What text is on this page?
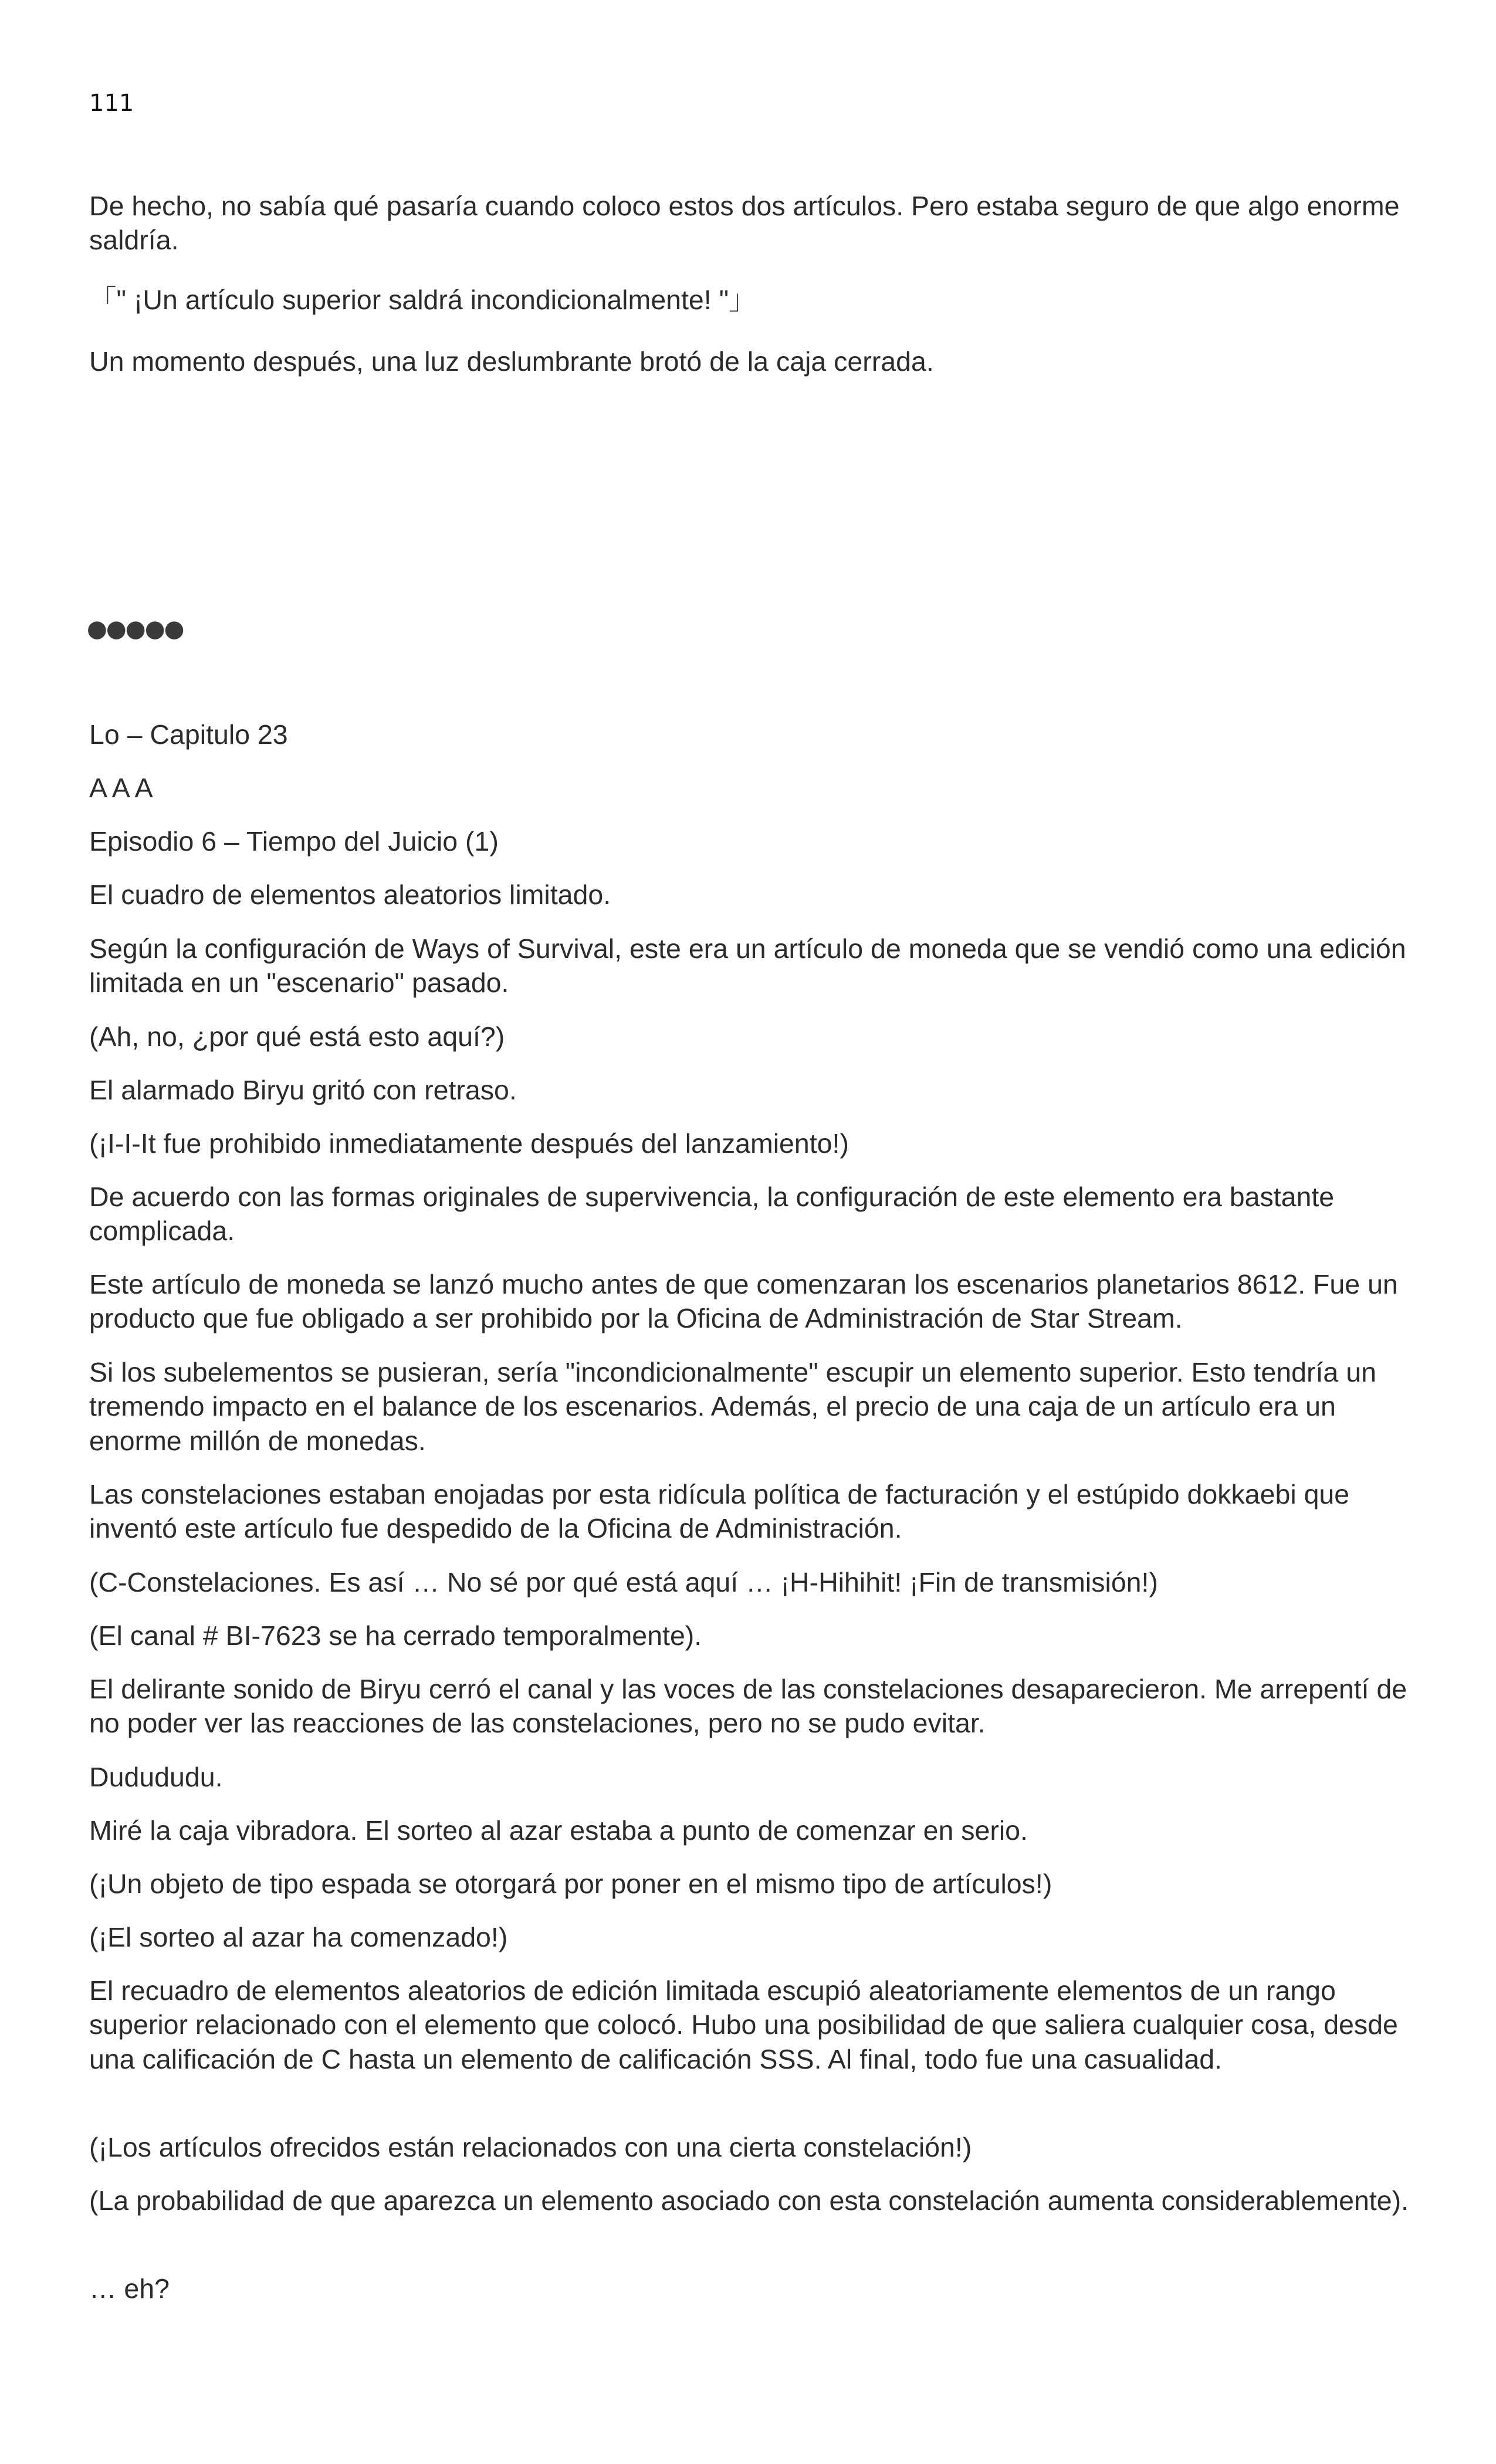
111

De hecho, no sabía qué pasaría cuando coloco estos dos artículos. Pero estaba seguro de que algo enorme saldría.

「" ¡Un artículo superior saldrá incondicionalmente! "」

Un momento después, una luz deslumbrante brotó de la caja cerrada.

●●●●●

Lo – Capitulo 23

A A A

Episodio 6 – Tiempo del Juicio (1)

El cuadro de elementos aleatorios limitado.

Según la configuración de Ways of Survival, este era un artículo de moneda que se vendió como una edición limitada en un "escenario" pasado.

(Ah, no, ¿por qué está esto aquí?)

El alarmado Biryu gritó con retraso.

(¡I-I-It fue prohibido inmediatamente después del lanzamiento!)

De acuerdo con las formas originales de supervivencia, la configuración de este elemento era bastante complicada.

Este artículo de moneda se lanzó mucho antes de que comenzaran los escenarios planetarios 8612. Fue un producto que fue obligado a ser prohibido por la Oficina de Administración de Star Stream.

Si los subelementos se pusieran, sería "incondicionalmente" escupir un elemento superior. Esto tendría un tremendo impacto en el balance de los escenarios. Además, el precio de una caja de un artículo era un enorme millón de monedas.

Las constelaciones estaban enojadas por esta ridícula política de facturación y el estúpido dokkaebi que inventó este artículo fue despedido de la Oficina de Administración.

(C-Constelaciones. Es así … No sé por qué está aquí … ¡H-Hihihit! ¡Fin de transmisión!)

(El canal # BI-7623 se ha cerrado temporalmente).

El delirante sonido de Biryu cerró el canal y las voces de las constelaciones desaparecieron. Me arrepentí de no poder ver las reacciones de las constelaciones, pero no se pudo evitar.

Dudududu.

Miré la caja vibradora. El sorteo al azar estaba a punto de comenzar en serio.

(¡Un objeto de tipo espada se otorgará por poner en el mismo tipo de artículos!)

(¡El sorteo al azar ha comenzado!)

El recuadro de elementos aleatorios de edición limitada escupió aleatoriamente elementos de un rango superior relacionado con el elemento que colocó. Hubo una posibilidad de que saliera cualquier cosa, desde una calificación de C hasta un elemento de calificación SSS. Al final, todo fue una casualidad.

(¡Los artículos ofrecidos están relacionados con una cierta constelación!)

(La probabilidad de que aparezca un elemento asociado con esta constelación aumenta considerablemente).

… eh?
